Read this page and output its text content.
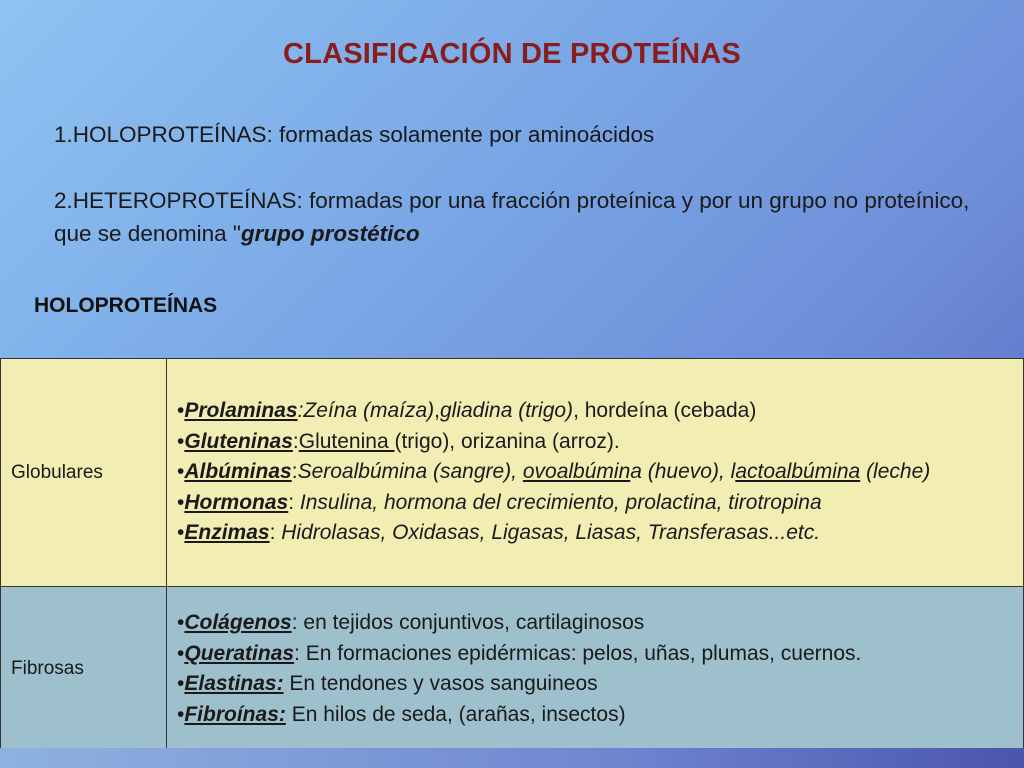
CLASIFICACIÓN DE PROTEÍNAS
1.HOLOPROTEÍNAS: formadas solamente por aminoácidos
2.HETEROPROTEÍNAS: formadas por una fracción proteínica y por un grupo no proteínico, que se denomina "grupo prostético
HOLOPROTEÍNAS
Globulares	•Prolaminas:Zeína (maíza),gliadina (trigo), hordeína (cebada)
•Gluteninas:Glutenina (trigo), orizanina (arroz).
•Albúminas:Seroalbúmina (sangre), ovoalbúmina (huevo), lactoalbúmina (leche)
•Hormonas: Insulina, hormona del crecimiento, prolactina, tirotropina
•Enzimas: Hidrolasas, Oxidasas, Ligasas, Liasas, Transferasas...etc.

Fibrosas	•Colágenos: en tejidos conjuntivos, cartilaginosos
•Queratinas: En formaciones epidérmicas: pelos, uñas, plumas, cuernos.
•Elastinas: En tendones y vasos sanguineos
•Fibroínas: En hilos de seda, (arañas, insectos)
